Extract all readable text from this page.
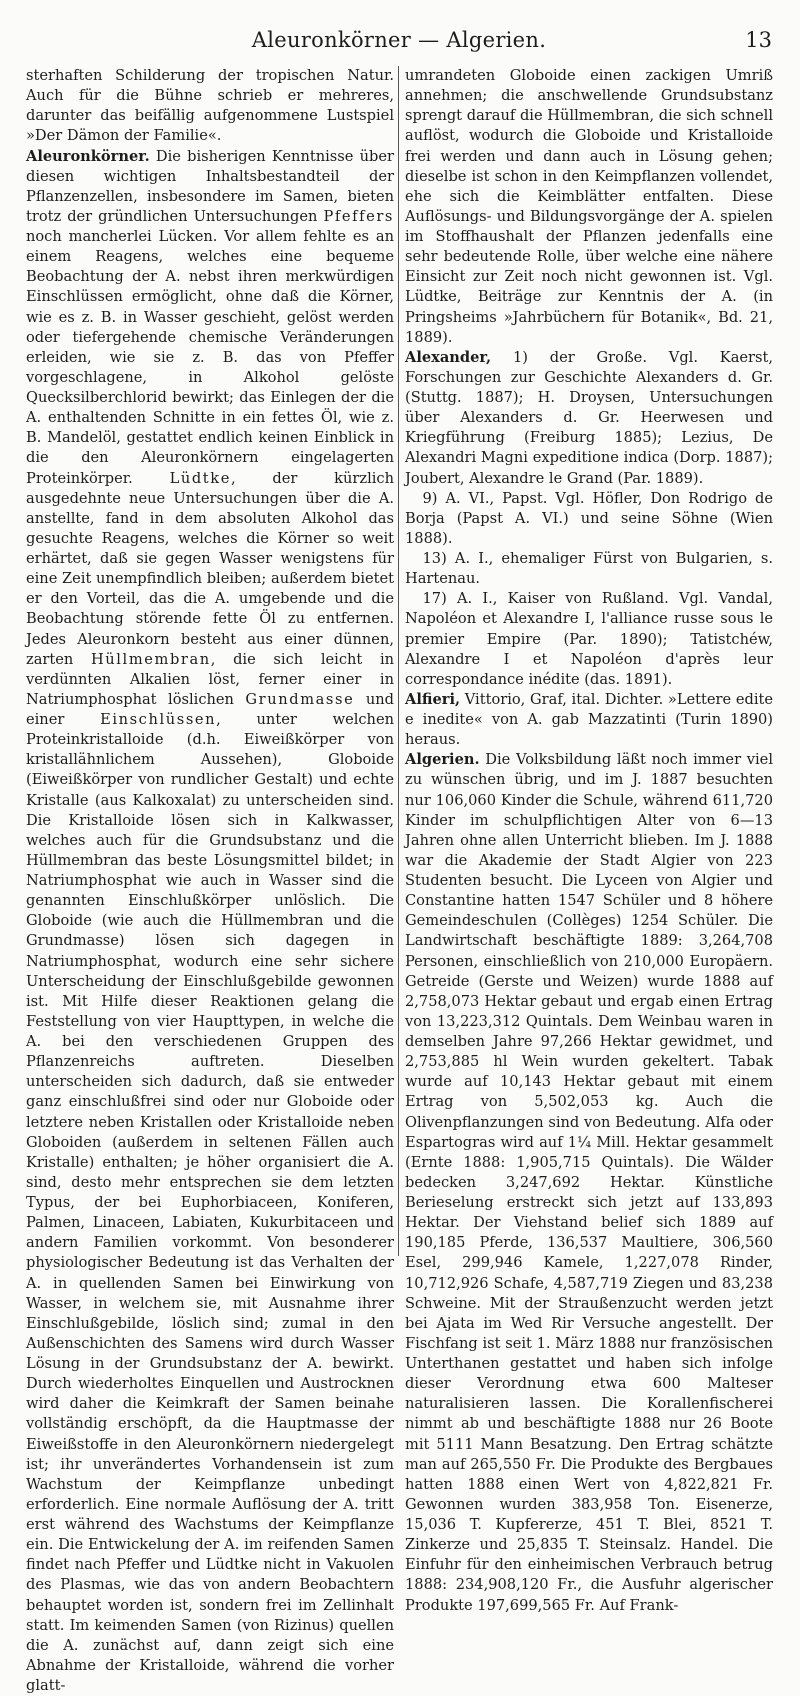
Aleuronkörner — Algerien.	13

sterhaften Schilderung der tropischen Natur. Auch für die Bühne schrieb er mehreres, darunter das beifällig aufgenommene Lustspiel »Der Dämon der Familie«.

Aleuronkörner. Die bisherigen Kenntnisse über diesen wichtigen Inhaltsbestandteil der Pflanzenzellen, insbesondere im Samen, bieten trotz der gründlichen Untersuchungen Pfeffers noch mancherlei Lücken. Vor allem fehlte es an einem Reagens, welches eine bequeme Beobachtung der A. nebst ihren merkwürdigen Einschlüssen ermöglicht, ohne daß die Körner, wie es z. B. in Wasser geschieht, gelöst werden oder tiefergehende chemische Veränderungen erleiden, wie sie z. B. das von Pfeffer vorgeschlagene, in Alkohol gelöste Quecksilberchlorid bewirkt; das Einlegen der die A. enthaltenden Schnitte in ein fettes Öl, wie z. B. Mandelöl, gestattet endlich keinen Einblick in die den Aleuronkörnern eingelagerten Proteinkörper. Lüdtke, der kürzlich ausgedehnte neue Untersuchungen über die A. anstellte, fand in dem absoluten Alkohol das gesuchte Reagens, welches die Körner so weit erhärtet, daß sie gegen Wasser wenigstens für eine Zeit unempfindlich bleiben; außerdem bietet er den Vorteil, das die A. umgebende und die Beobachtung störende fette Öl zu entfernen. Jedes Aleuronkorn besteht aus einer dünnen, zarten Hüllmembran, die sich leicht in verdünnten Alkalien löst, ferner einer in Natriumphosphat löslichen Grundmasse und einer Einschlüssen, unter welchen Proteinkristalloide (d.h. Eiweißkörper von kristallähnlichem Aussehen), Globoide (Eiweißkörper von rundlicher Gestalt) und echte Kristalle (aus Kalkoxalat) zu unterscheiden sind. Die Kristalloide lösen sich in Kalkwasser, welches auch für die Grundsubstanz und die Hüllmembran das beste Lösungsmittel bildet; in Natriumphosphat wie auch in Wasser sind die genannten Einschlußkörper unlöslich. Die Globoide (wie auch die Hüllmembran und die Grundmasse) lösen sich dagegen in Natriumphosphat, wodurch eine sehr sichere Unterscheidung der Einschlußgebilde gewonnen ist. Mit Hilfe dieser Reaktionen gelang die Feststellung von vier Haupttypen, in welche die A. bei den verschiedenen Gruppen des Pflanzenreichs auftreten. Dieselben unterscheiden sich dadurch, daß sie entweder ganz einschlußfrei sind oder nur Globoide oder letztere neben Kristallen oder Kristalloide neben Globoiden (außerdem in seltenen Fällen auch Kristalle) enthalten; je höher organisiert die A. sind, desto mehr entsprechen sie dem letzten Typus, der bei Euphorbiaceen, Koniferen, Palmen, Linaceen, Labiaten, Kukurbitaceen und andern Familien vorkommt. Von besonderer physiologischer Bedeutung ist das Verhalten der A. in quellenden Samen bei Einwirkung von Wasser, in welchem sie, mit Ausnahme ihrer Einschlußgebilde, löslich sind; zumal in den Außenschichten des Samens wird durch Wasser Lösung in der Grundsubstanz der A. bewirkt. Durch wiederholtes Einquellen und Austrocknen wird daher die Keimkraft der Samen beinahe vollständig erschöpft, da die Hauptmasse der Eiweißstoffe in den Aleuronkörnern niedergelegt ist; ihr unverändertes Vorhandensein ist zum Wachstum der Keimpflanze unbedingt erforderlich. Eine normale Auflösung der A. tritt erst während des Wachstums der Keimpflanze ein. Die Entwickelung der A. im reifenden Samen findet nach Pfeffer und Lüdtke nicht in Vakuolen des Plasmas, wie das von andern Beobachtern behauptet worden ist, sondern frei im Zellinhalt statt. Im keimenden Samen (von Rizinus) quellen die A. zunächst auf, dann zeigt sich eine Abnahme der Kristalloide, während die vorher glatt-

umrandeten Globoide einen zackigen Umriß annehmen; die anschwellende Grundsubstanz sprengt darauf die Hüllmembran, die sich schnell auflöst, wodurch die Globoide und Kristalloide frei werden und dann auch in Lösung gehen; dieselbe ist schon in den Keimpflanzen vollendet, ehe sich die Keimblätter entfalten. Diese Auflösungs- und Bildungsvorgänge der A. spielen im Stoffhaushalt der Pflanzen jedenfalls eine sehr bedeutende Rolle, über welche eine nähere Einsicht zur Zeit noch nicht gewonnen ist. Vgl. Lüdtke, Beiträge zur Kenntnis der A. (in Pringsheims »Jahrbüchern für Botanik«, Bd. 21, 1889).

Alexander, 1) der Große. Vgl. Kaerst, Forschungen zur Geschichte Alexanders d. Gr. (Stuttg. 1887); H. Droysen, Untersuchungen über Alexanders d. Gr. Heerwesen und Kriegführung (Freiburg 1885); Lezius, De Alexandri Magni expeditione indica (Dorp. 1887); Joubert, Alexandre le Grand (Par. 1889).

9) A. VI., Papst. Vgl. Höfler, Don Rodrigo de Borja (Papst A. VI.) und seine Söhne (Wien 1888).

13) A. I., ehemaliger Fürst von Bulgarien, s. Hartenau.

17) A. I., Kaiser von Rußland. Vgl. Vandal, Napoléon et Alexandre I, l'alliance russe sous le premier Empire (Par. 1890); Tatistchéw, Alexandre I et Napoléon d'après leur correspondance inédite (das. 1891).

Alfieri, Vittorio, Graf, ital. Dichter. »Lettere edite e inedite« von A. gab Mazzatinti (Turin 1890) heraus.

Algerien. Die Volksbildung läßt noch immer viel zu wünschen übrig, und im J. 1887 besuchten nur 106,060 Kinder die Schule, während 611,720 Kinder im schulpflichtigen Alter von 6—13 Jahren ohne allen Unterricht blieben. Im J. 1888 war die Akademie der Stadt Algier von 223 Studenten besucht. Die Lyceen von Algier und Constantine hatten 1547 Schüler und 8 höhere Gemeindeschulen (Collèges) 1254 Schüler. Die Landwirtschaft beschäftigte 1889: 3,264,708 Personen, einschließlich von 210,000 Europäern. Getreide (Gerste und Weizen) wurde 1888 auf 2,758,073 Hektar gebaut und ergab einen Ertrag von 13,223,312 Quintals. Dem Weinbau waren in demselben Jahre 97,266 Hektar gewidmet, und 2,753,885 hl Wein wurden gekeltert. Tabak wurde auf 10,143 Hektar gebaut mit einem Ertrag von 5,502,053 kg. Auch die Olivenpflanzungen sind von Bedeutung. Alfa oder Espartogras wird auf 1¼ Mill. Hektar gesammelt (Ernte 1888: 1,905,715 Quintals). Die Wälder bedecken 3,247,692 Hektar. Künstliche Berieselung erstreckt sich jetzt auf 133,893 Hektar. Der Viehstand belief sich 1889 auf 190,185 Pferde, 136,537 Maultiere, 306,560 Esel, 299,946 Kamele, 1,227,078 Rinder, 10,712,926 Schafe, 4,587,719 Ziegen und 83,238 Schweine. Mit der Straußenzucht werden jetzt bei Ajata im Wed Rir Versuche angestellt. Der Fischfang ist seit 1. März 1888 nur französischen Unterthanen gestattet und haben sich infolge dieser Verordnung etwa 600 Malteser naturalisieren lassen. Die Korallenfischerei nimmt ab und beschäftigte 1888 nur 26 Boote mit 5111 Mann Besatzung. Den Ertrag schätzte man auf 265,550 Fr. Die Produkte des Bergbaues hatten 1888 einen Wert von 4,822,821 Fr. Gewonnen wurden 383,958 Ton. Eisenerze, 15,036 T. Kupfererze, 451 T. Blei, 8521 T. Zinkerze und 25,835 T. Steinsalz. Handel. Die Einfuhr für den einheimischen Verbrauch betrug 1888: 234,908,120 Fr., die Ausfuhr algerischer Produkte 197,699,565 Fr. Auf Frank-
